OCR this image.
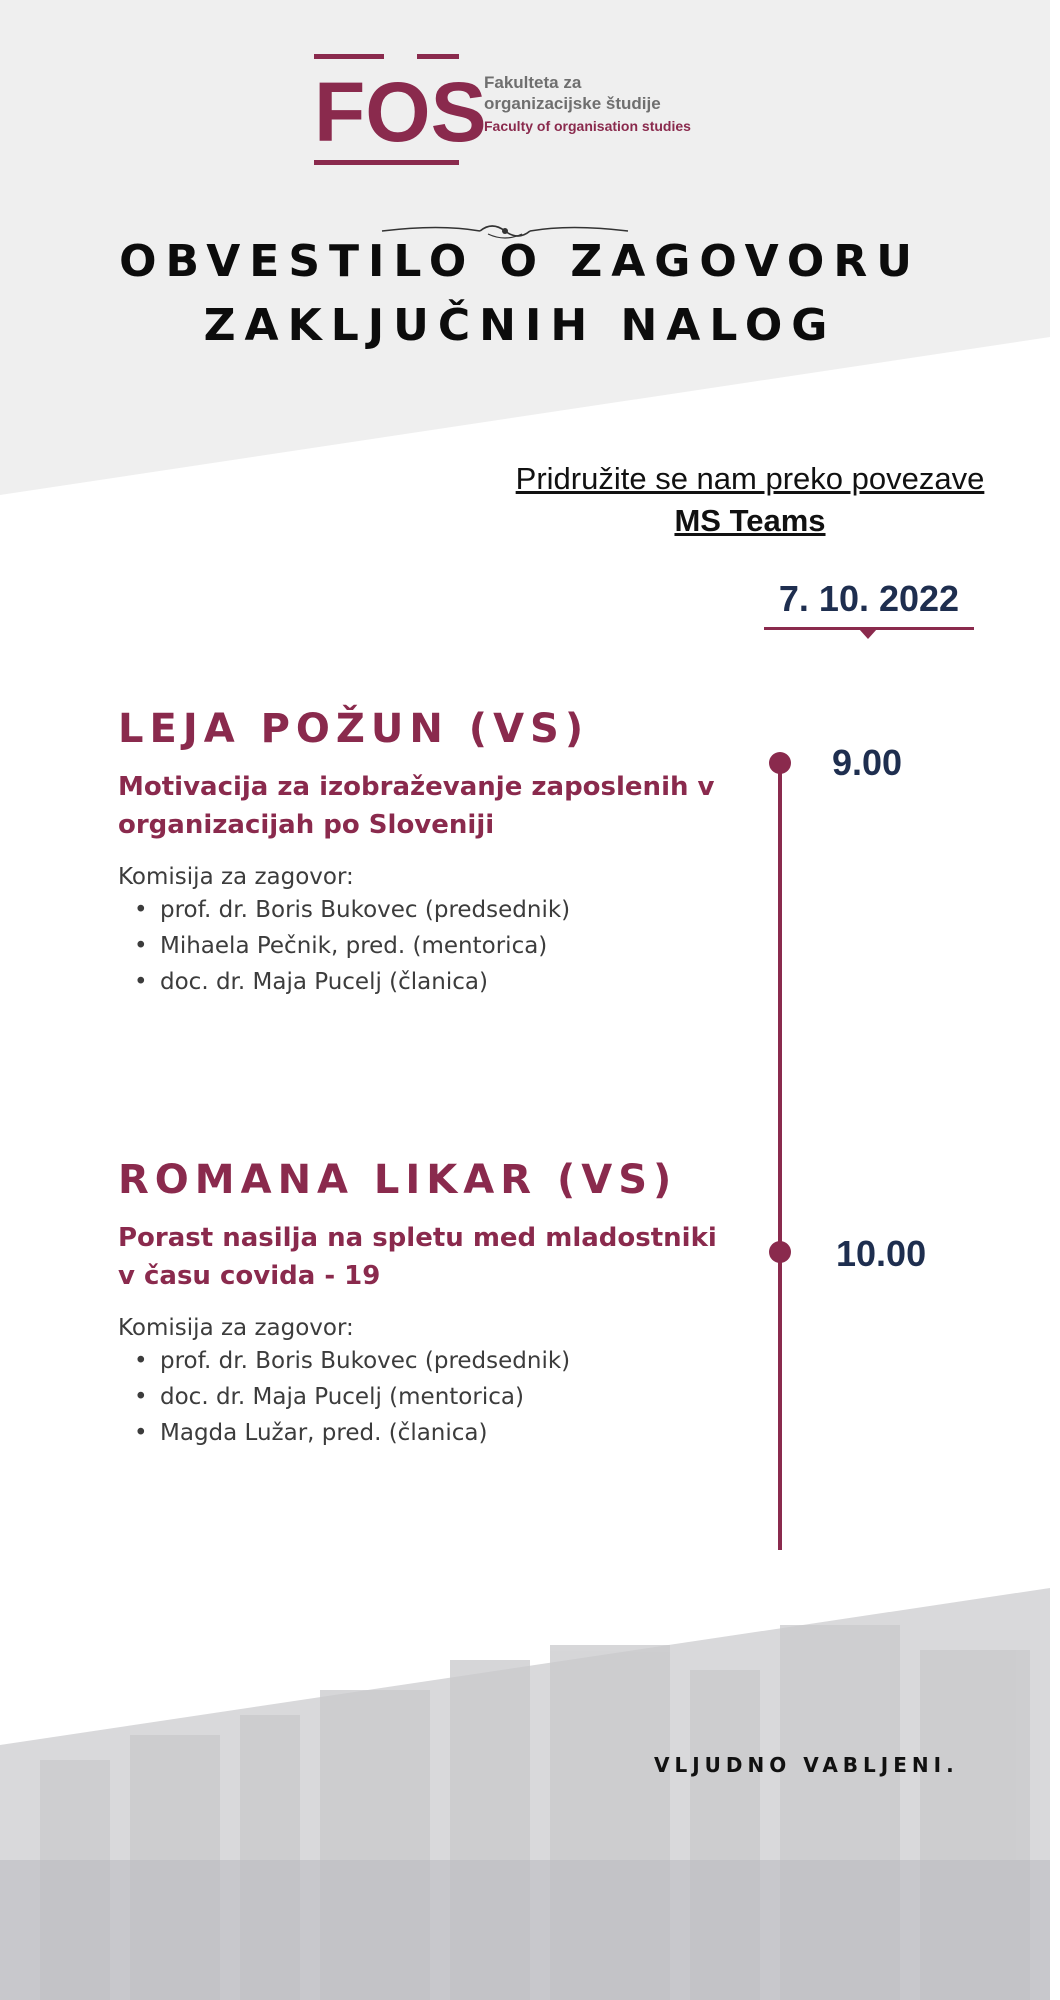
FOS
Fakulteta za
organizacijske študije
Faculty of organisation studies
OBVESTILO O ZAGOVORU
ZAKLJUČNIH NALOG
Pridružite se nam preko povezave
MS Teams
7. 10. 2022
9.00
10.00
LEJA POŽUN (VS)
Motivacija za izobraževanje zaposlenih v organizacijah po Sloveniji
Komisija za zagovor:
• prof. dr. Boris Bukovec (predsednik)
• Mihaela Pečnik, pred. (mentorica)
• doc. dr. Maja Pucelj (članica)
ROMANA LIKAR (VS)
Porast nasilja na spletu med mladostniki v času covida - 19
Komisija za zagovor:
• prof. dr. Boris Bukovec (predsednik)
• doc. dr. Maja Pucelj (mentorica)
• Magda Lužar, pred. (članica)
VLJUDNO VABLJENI.
